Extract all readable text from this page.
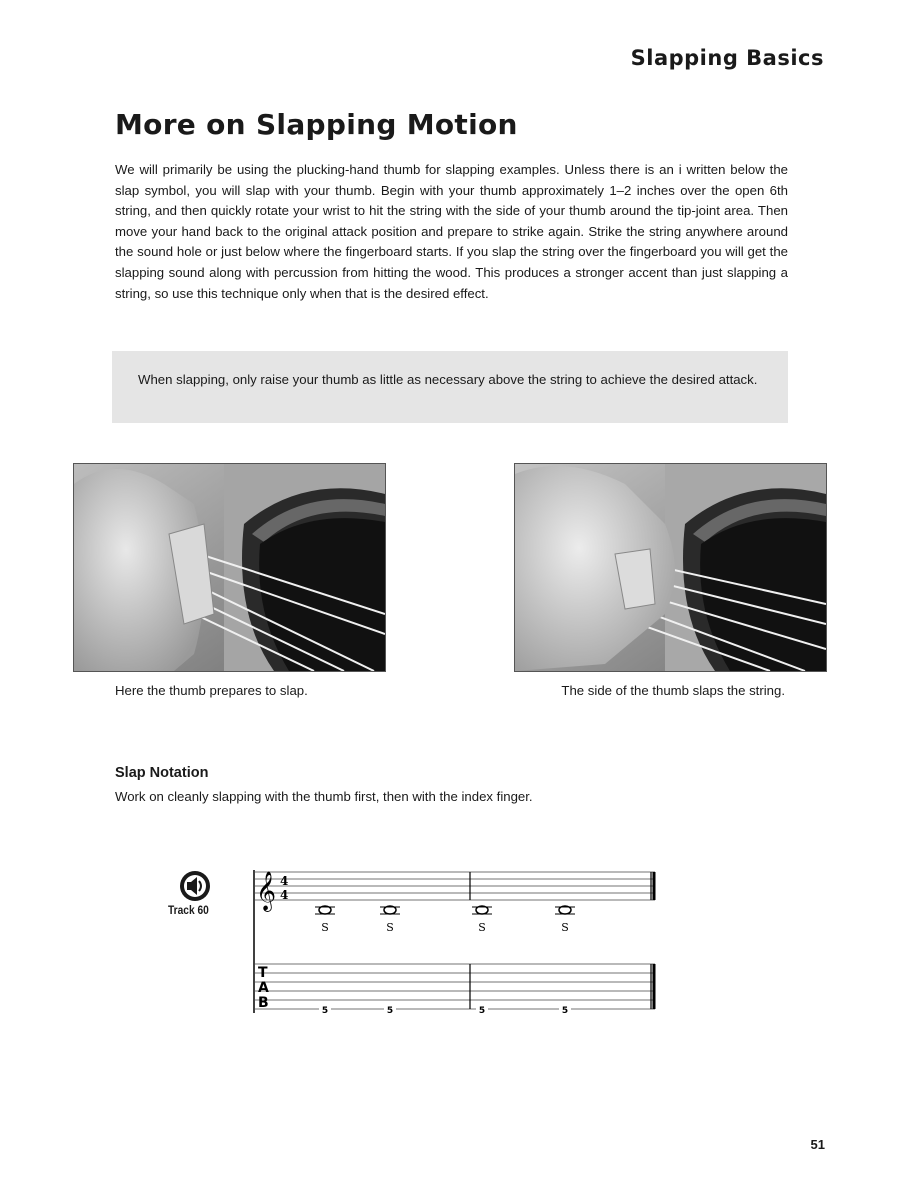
Slapping Basics
More on Slapping Motion

We will primarily be using the plucking-hand thumb for slapping examples. Unless there is an i written below the slap symbol, you will slap with your thumb. Begin with your thumb approximately 1–2 inches over the open 6th string, and then quickly rotate your wrist to hit the string with the side of your thumb around the tip-joint area. Then move your hand back to the original attack position and prepare to strike again. Strike the string anywhere around the sound hole or just below where the fingerboard starts. If you slap the string over the fingerboard you will get the slapping sound along with percussion from hitting the wood. This produces a stronger accent than just slapping a string, so use this technique only when that is the desired effect.

When slapping, only raise your thumb as little as necessary above the string to achieve the desired attack.

Here the thumb prepares to slap.	The side of the thumb slaps the string.
Slap Notation
Work on cleanly slapping with the thumb first, then with the index finger.
Track 60 𝄞 4
4
S	S	S	S
T
A
B	5	5	5	5
51
